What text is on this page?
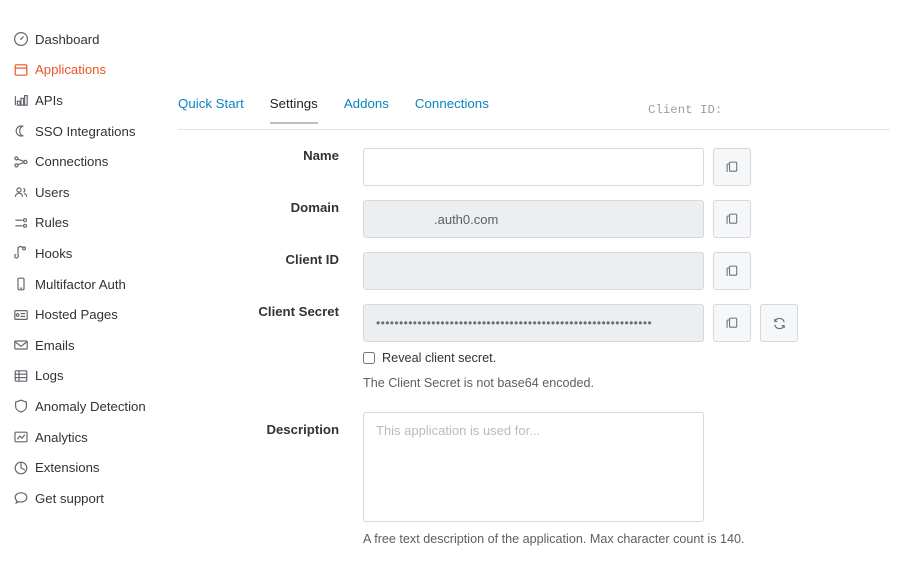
Dashboard
Applications
APIs
SSO Integrations
Connections
Users
Rules
Hooks
Multifactor Auth
Hosted Pages
Emails
Logs
Anomaly Detection
Analytics
Extensions
Get support
Quick Start Settings Addons Connections	Client ID:
Name
Domain
.auth0.com
Client ID
Client Secret
••••••••••••••••••••••••••••••••••••••••••••••••••••••••••••
Reveal client secret.
The Client Secret is not base64 encoded.
Description
This application is used for...
A free text description of the application. Max character count is 140.
